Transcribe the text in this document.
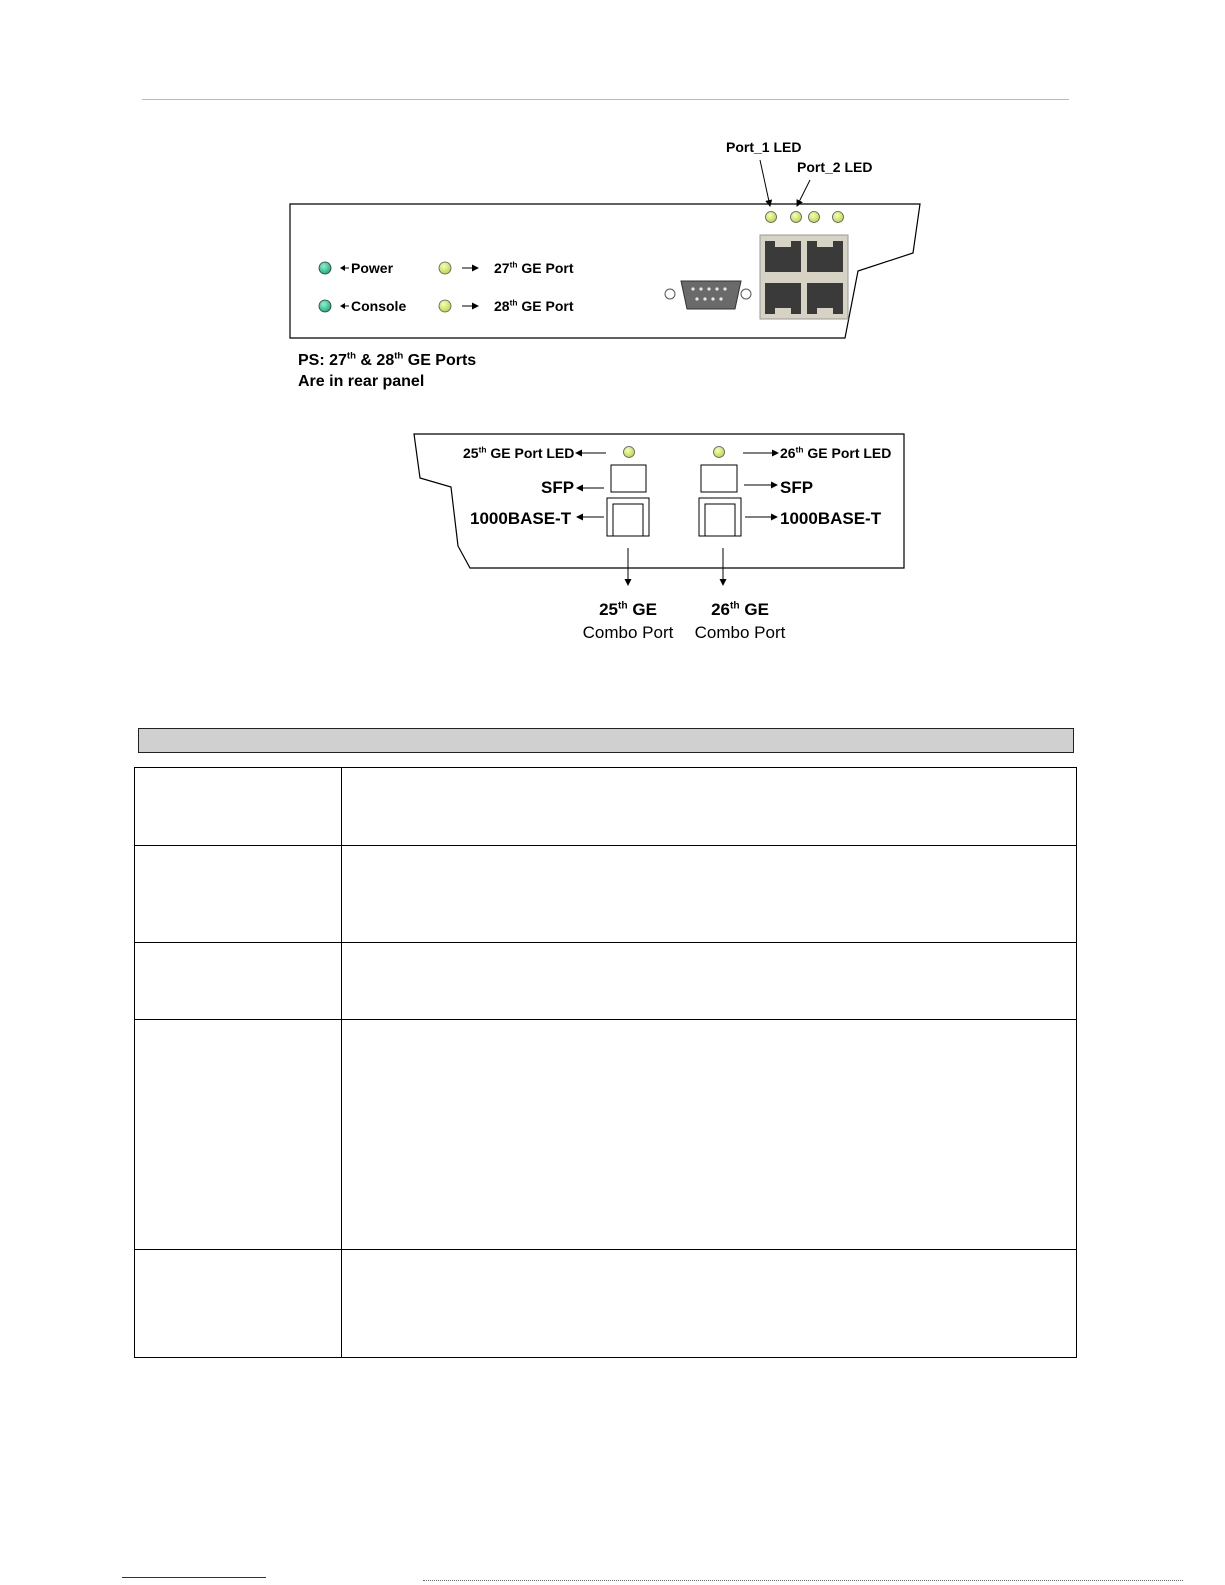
Port_1 LED
Port_2 LED
Power
Console
27th GE Port
28th GE Port
PS: 27th & 28th GE Ports
Are in rear panel
25th GE Port LED	26th GE Port LED
SFP	SFP
1000BASE-T	1000BASE-T
25th GE
Combo Port
26th GE
Combo Port
